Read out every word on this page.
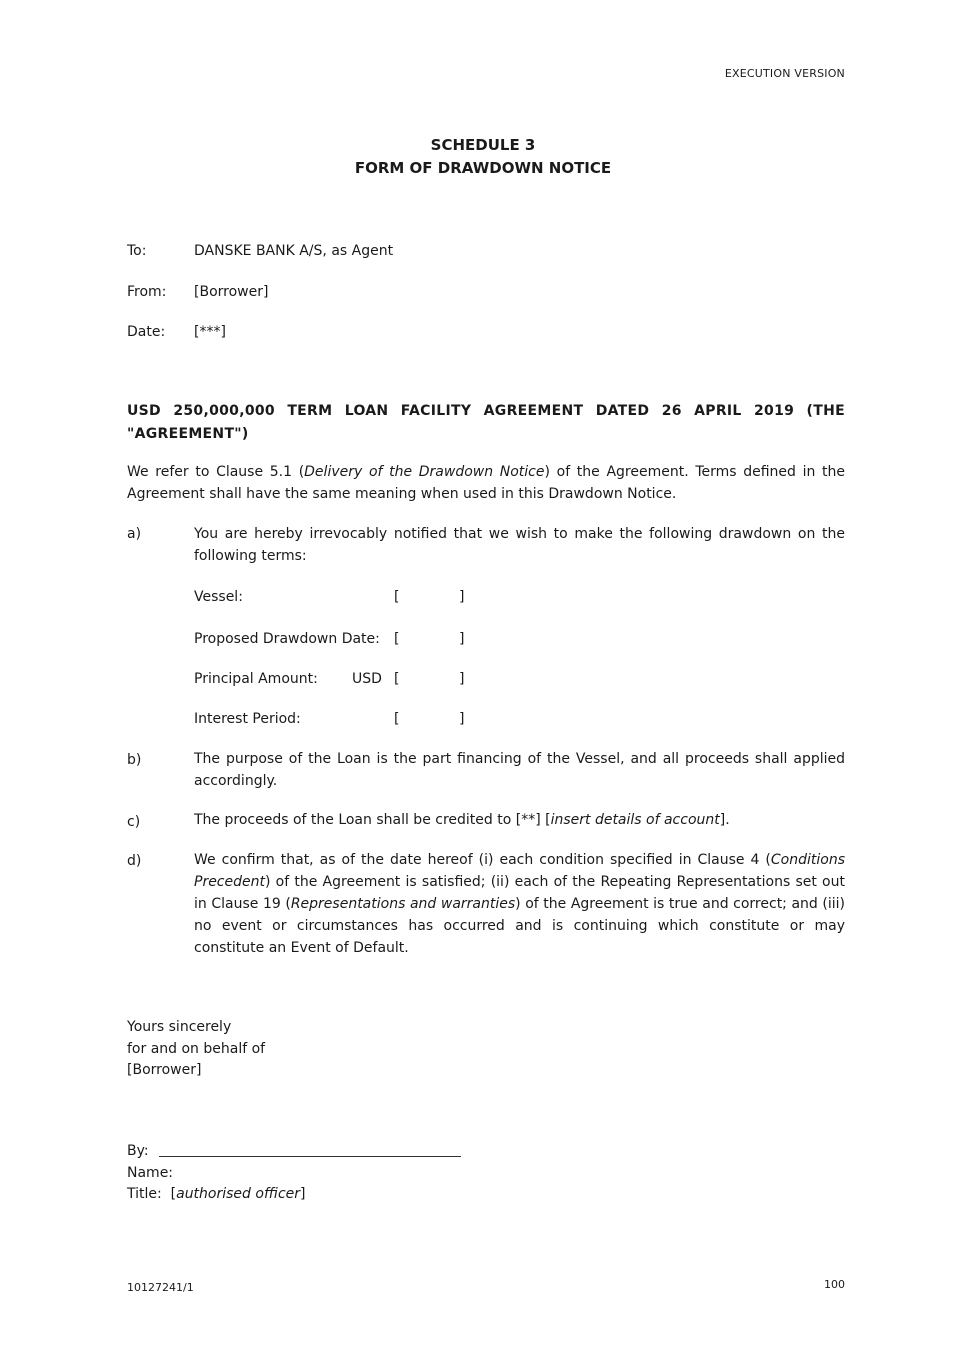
EXECUTION VERSION
SCHEDULE 3
FORM OF DRAWDOWN NOTICE
To:	DANSKE BANK A/S, as Agent
From: [Borrower]
Date: [***]
USD 250,000,000 TERM LOAN FACILITY AGREEMENT DATED 26 APRIL 2019 (THE "AGREEMENT")
We refer to Clause 5.1 (Delivery of the Drawdown Notice) of the Agreement. Terms defined in the Agreement shall have the same meaning when used in this Drawdown Notice.
a)	You are hereby irrevocably notified that we wish to make the following drawdown on the following terms:
Vessel:	[	]
Proposed Drawdown Date: [	]
Principal Amount: USD [	]
Interest Period:	[	]
b)	The purpose of the Loan is the part financing of the Vessel, and all proceeds shall applied accordingly.
c)	The proceeds of the Loan shall be credited to [**] [insert details of account].
d)	We confirm that, as of the date hereof (i) each condition specified in Clause 4 (Conditions Precedent) of the Agreement is satisfied; (ii) each of the Repeating Representations set out in Clause 19 (Representations and warranties) of the Agreement is true and correct; and (iii) no event or circumstances has occurred and is continuing which constitute or may constitute an Event of Default.
Yours sincerely
for and on behalf of
[Borrower]
By:
Name:
Title: [authorised officer]
10127241/1	100
